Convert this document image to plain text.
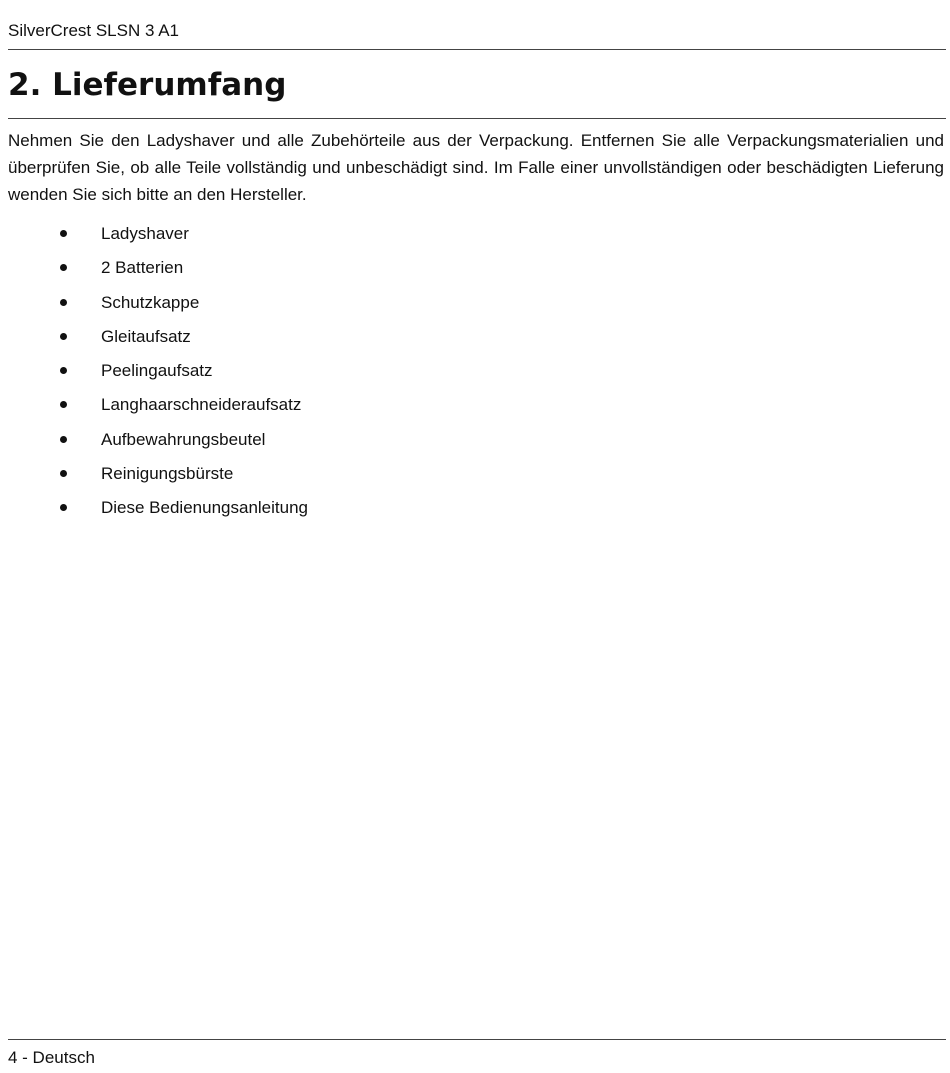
SilverCrest SLSN 3 A1
2. Lieferumfang

Nehmen Sie den Ladyshaver und alle Zubehörteile aus der Verpackung. Entfernen Sie alle Verpackungsmaterialien und überprüfen Sie, ob alle Teile vollständig und unbeschädigt sind. Im Falle einer unvollständigen oder beschädigten Lieferung wenden Sie sich bitte an den Hersteller.

Ladyshaver
2 Batterien
Schutzkappe
Gleitaufsatz
Peelingaufsatz
Langhaarschneideraufsatz
Aufbewahrungsbeutel
Reinigungsbürste
Diese Bedienungsanleitung
4 - Deutsch
